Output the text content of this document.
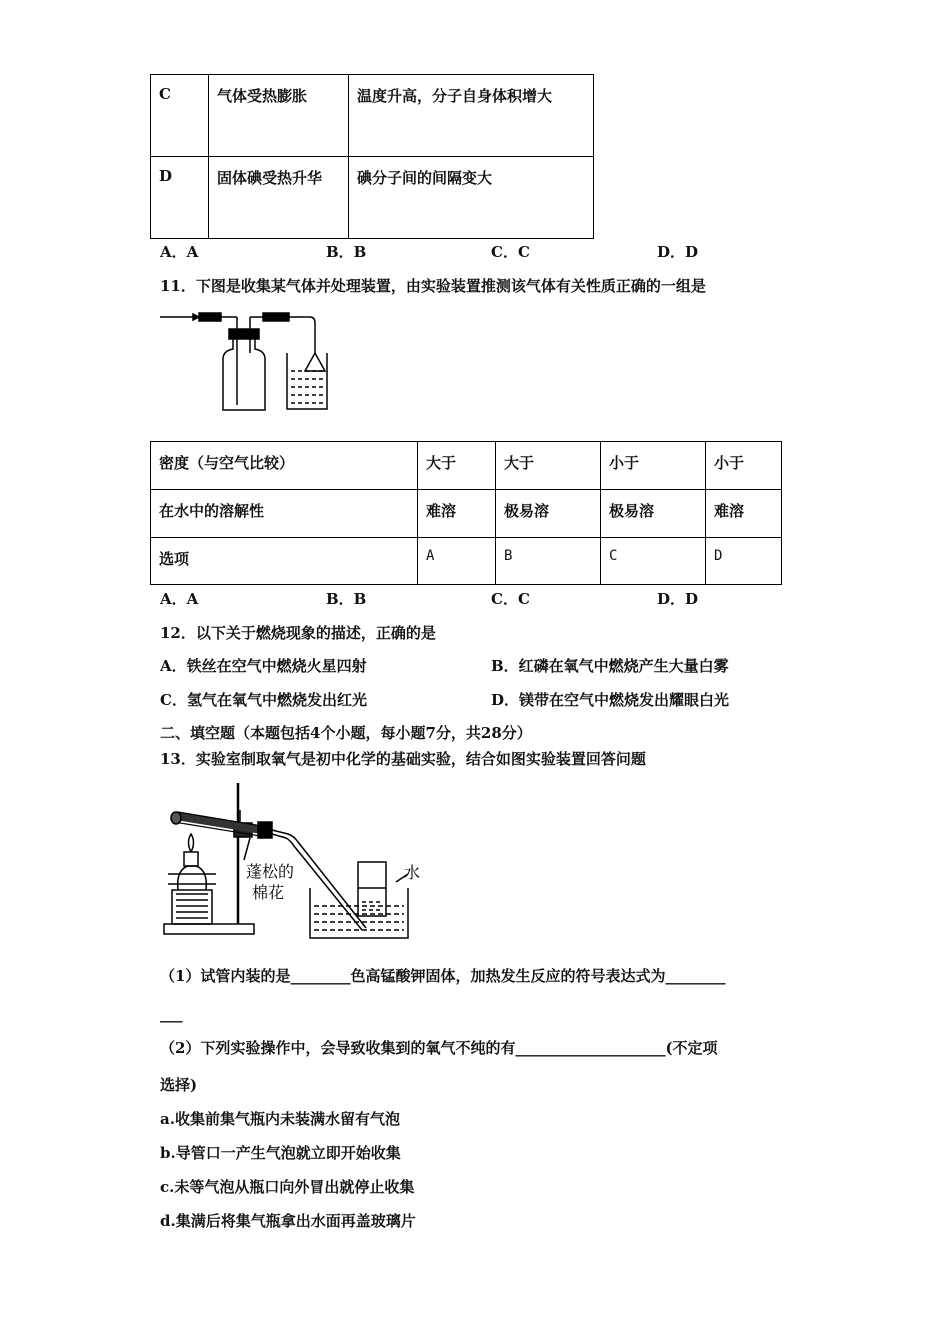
C	气体受热膨胀	温度升高，分子自身体积增大

D	固体碘受热升华	碘分子间的间隔变大
A．A	B．B	C．C	D．D
11．下图是收集某气体并处理装置，由实验装置推测该气体有关性质正确的一组是
密度（与空气比较）	大于	大于	小于	小于

在水中的溶解性	难溶	极易溶	极易溶	难溶

选项	A	B	C	D
A．A	B．B	C．C	D．D
12．以下关于燃烧现象的描述，正确的是
A．铁丝在空气中燃烧火星四射	B．红磷在氧气中燃烧产生大量白雾
C．氢气在氧气中燃烧发出红光	D．镁带在空气中燃烧发出耀眼白光
二、填空题（本题包括4个小题，每小题7分，共28分）
13．实验室制取氧气是初中化学的基础实验，结合如图实验装置回答问题
蓬松的
棉花
水
（1）试管内装的是________色高锰酸钾固体，加热发生反应的符号表达式为________
___
（2）下列实验操作中，会导致收集到的氧气不纯的有____________________(不定项
选择)
a.收集前集气瓶内未装满水留有气泡
b.导管口一产生气泡就立即开始收集
c.未等气泡从瓶口向外冒出就停止收集
d.集满后将集气瓶拿出水面再盖玻璃片
